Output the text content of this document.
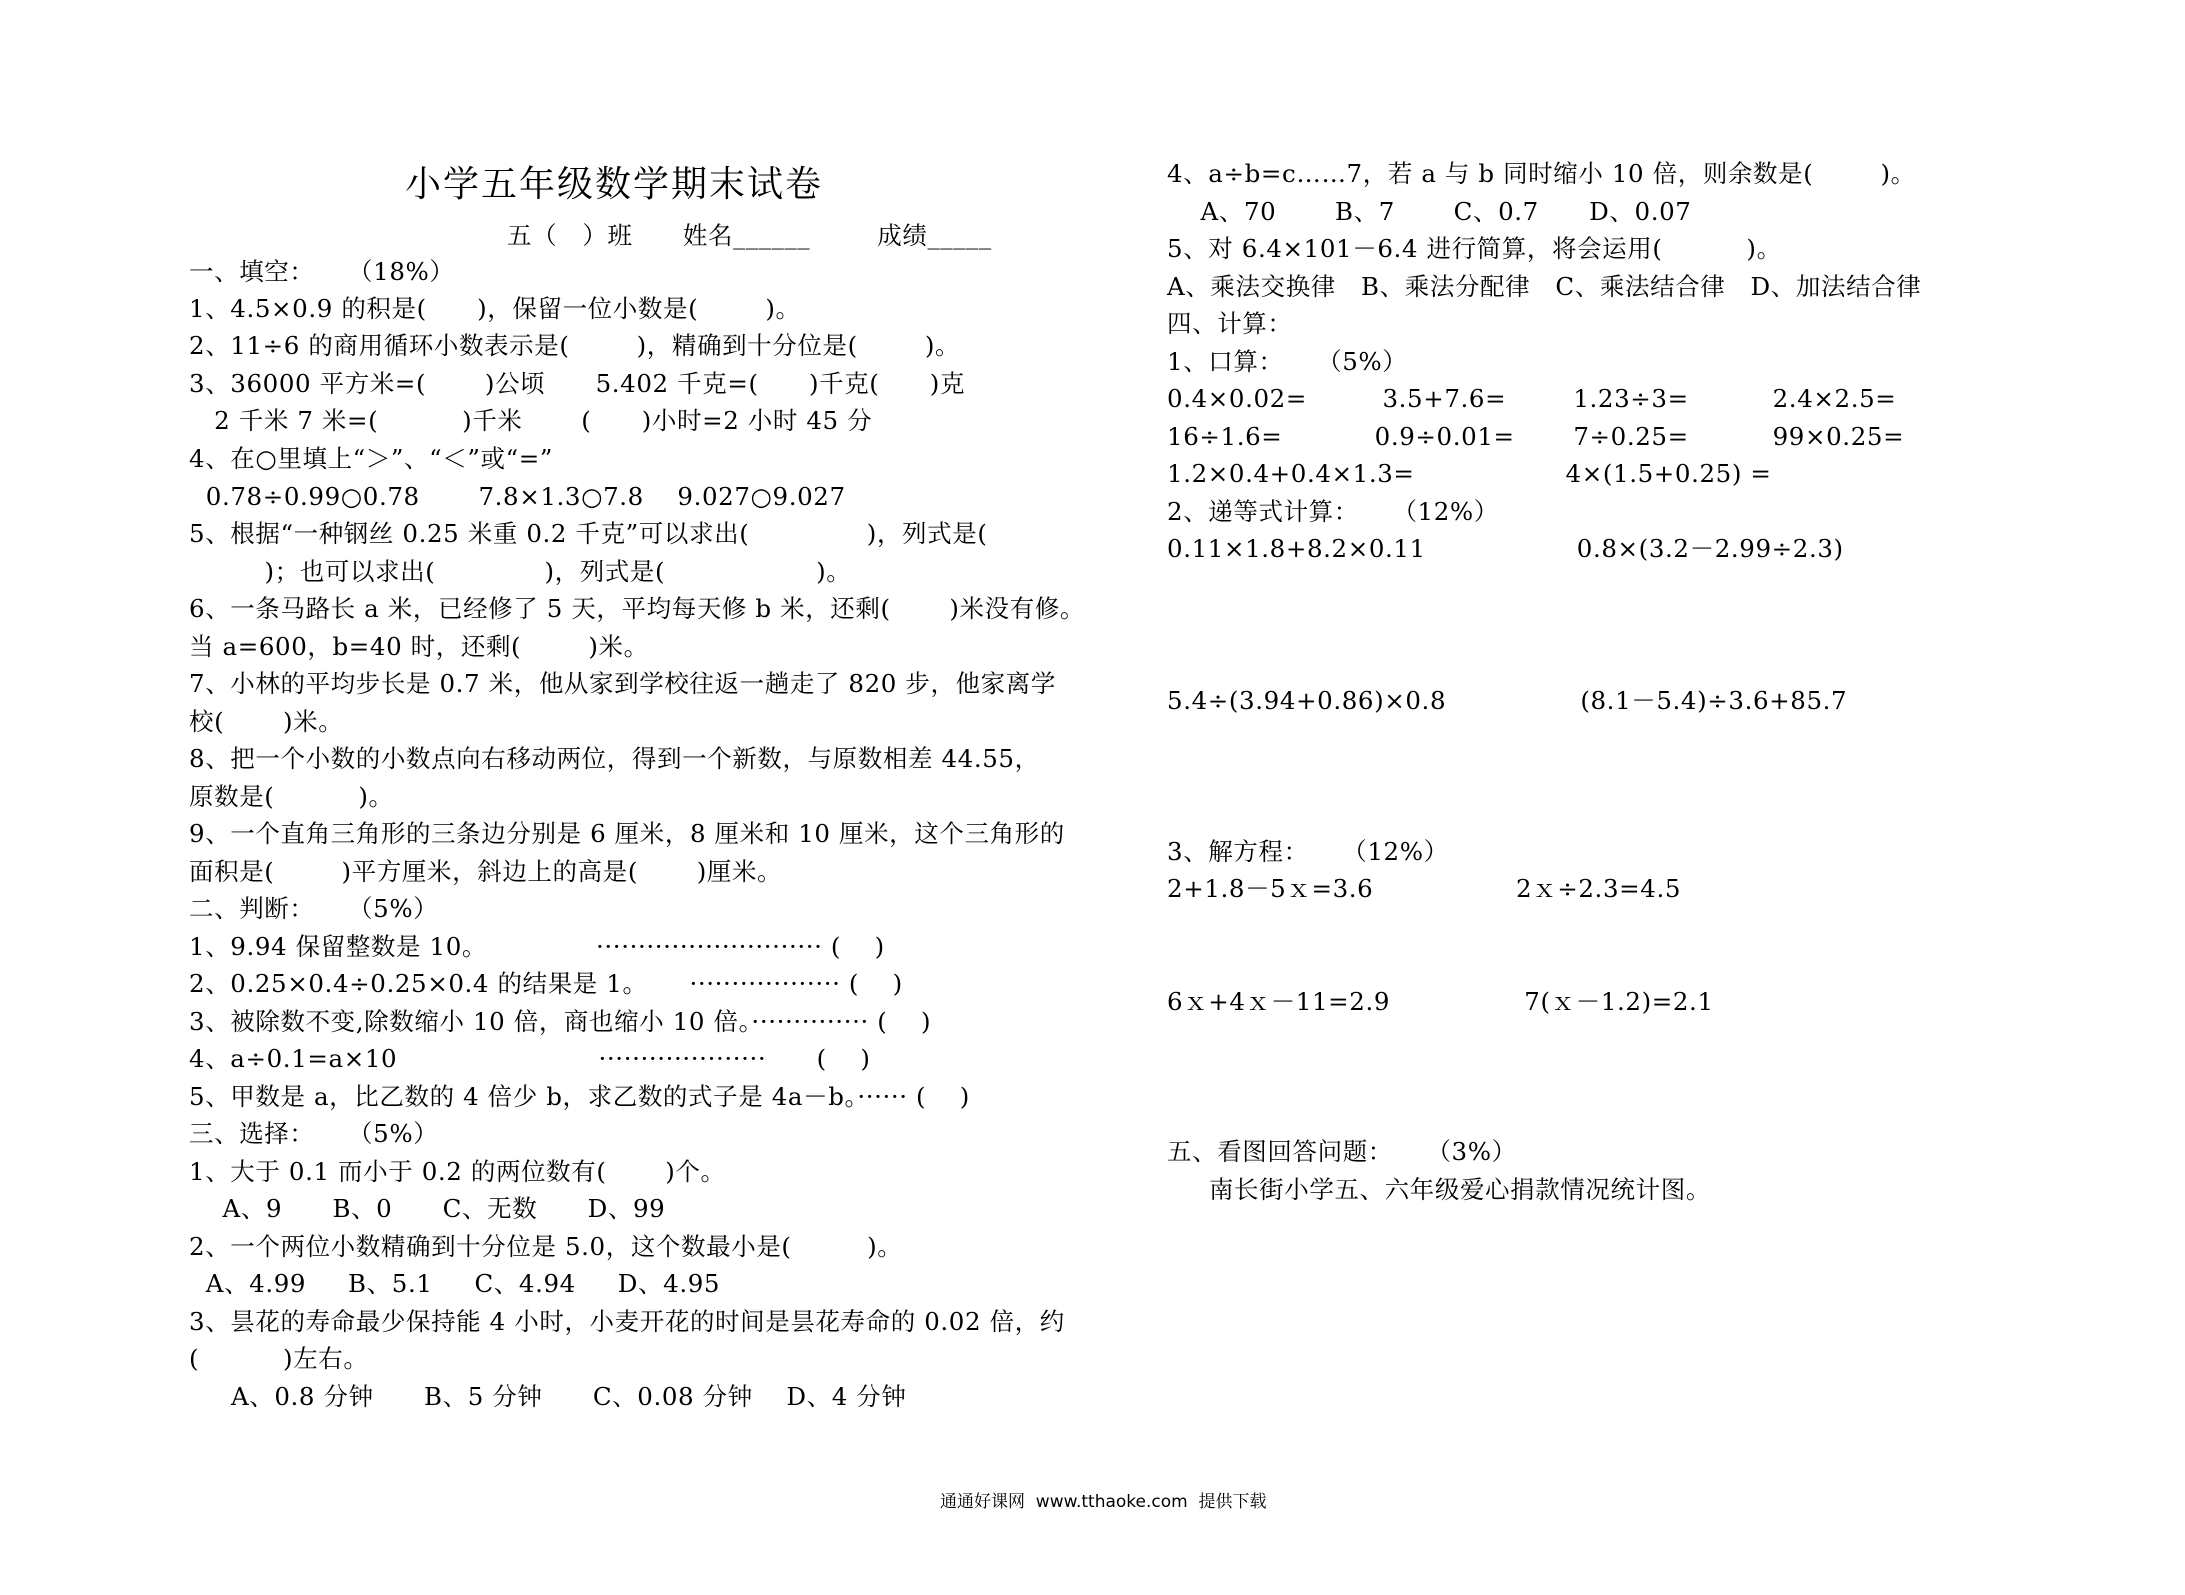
小学五年级数学期末试卷
五（   ）班      姓名______        成绩_____
一、填空：    （18%）
1、4.5×0.9 的积是(      )，保留一位小数是(        )。
2、11÷6 的商用循环小数表示是(        )，精确到十分位是(        )。
3、36000 平方米=(       )公顷      5.402 千克=(      )千克(      )克
2 千米 7 米=(          )千米       (      )小时=2 小时 45 分
4、在○里填上“＞”、“＜”或“=”
0.78÷0.99○0.78       7.8×1.3○7.8    9.027○9.027
5、根据“一种钢丝 0.25 米重 0.2 千克”可以求出(              )，列式是(
)；也可以求出(             )，列式是(                  )。
6、一条马路长 a 米，已经修了 5 天，平均每天修 b 米，还剩(       )米没有修。
当 a=600，b=40 时，还剩(        )米。
7、小林的平均步长是 0.7 米，他从家到学校往返一趟走了 820 步，他家离学
校(       )米。
8、把一个小数的小数点向右移动两位，得到一个新数，与原数相差 44.55，
原数是(          )。
9、一个直角三角形的三条边分别是 6 厘米，8 厘米和 10 厘米，这个三角形的
面积是(        )平方厘米，斜边上的高是(       )厘米。
二、判断：    （5%）
1、9.94 保留整数是 10。             ··························· (    )
2、0.25×0.4÷0.25×0.4 的结果是 1。     ·················· (    )
3、被除数不变,除数缩小 10 倍，商也缩小 10 倍。·············· (    )
4、a÷0.1=a×10                        ····················      (    )
5、甲数是 a，比乙数的 4 倍少 b，求乙数的式子是 4a－b。······ (    )
三、选择：    （5%）
1、大于 0.1 而小于 0.2 的两位数有(       )个。
A、9      B、0      C、无数      D、99
2、一个两位小数精确到十分位是 5.0，这个数最小是(         )。
A、4.99     B、5.1     C、4.94     D、4.95
3、昙花的寿命最少保持能 4 小时，小麦开花的时间是昙花寿命的 0.02 倍，约
(          )左右。
A、0.8 分钟      B、5 分钟      C、0.08 分钟    D、4 分钟
4、a÷b=c……7，若 a 与 b 同时缩小 10 倍，则余数是(        )。
A、70       B、7       C、0.7      D、0.07
5、对 6.4×101－6.4 进行简算，将会运用(          )。
A、乘法交换律   B、乘法分配律   C、乘法结合律   D、加法结合律
四、计算：
1、口算：    （5%）
0.4×0.02=         3.5+7.6=        1.23÷3=          2.4×2.5=
16÷1.6=           0.9÷0.01=       7÷0.25=          99×0.25=
1.2×0.4+0.4×1.3=                  4×(1.5+0.25) =
2、递等式计算：    （12%）
0.11×1.8+8.2×0.11                  0.8×(3.2－2.99÷2.3)
5.4÷(3.94+0.86)×0.8                (8.1－5.4)÷3.6+85.7
3、解方程：    （12%）
2+1.8－5ｘ=3.6                 2ｘ÷2.3=4.5
6ｘ+4ｘ－11=2.9                7(ｘ－1.2)=2.1
五、看图回答问题：    （3%）
南长街小学五、六年级爱心捐款情况统计图。
通通好课网  www.tthaoke.com  提供下载
